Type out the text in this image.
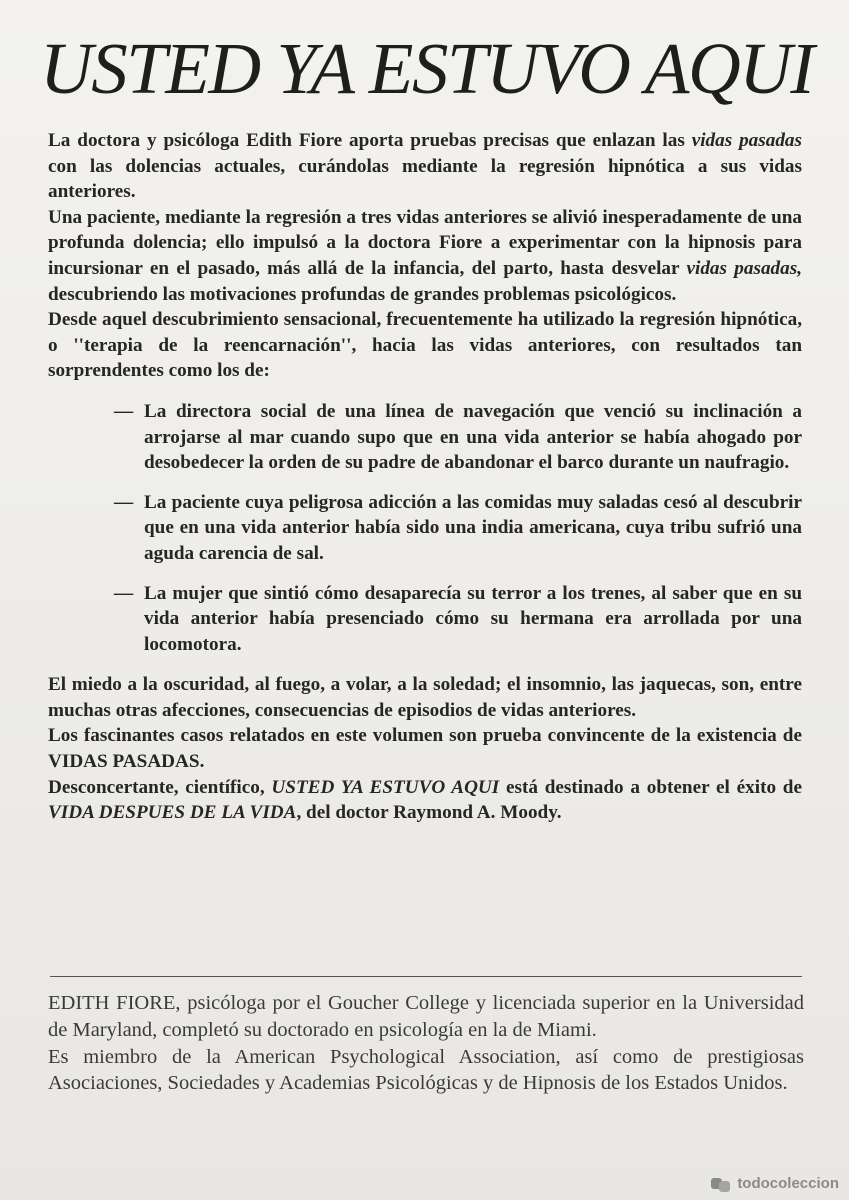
USTED YA ESTUVO AQUI

La doctora y psicóloga Edith Fiore aporta pruebas precisas que enlazan las vidas pasadas con las dolencias actuales, curándolas mediante la regresión hipnótica a sus vidas anteriores.

Una paciente, mediante la regresión a tres vidas anteriores se alivió inesperadamente de una profunda dolencia; ello impulsó a la doctora Fiore a experimentar con la hipnosis para incursionar en el pasado, más allá de la infancia, del parto, hasta desvelar vidas pasadas, descubriendo las motivaciones profundas de grandes problemas psicológicos.

Desde aquel descubrimiento sensacional, frecuentemente ha utilizado la regresión hipnótica, o ''terapia de la reencarnación'', hacia las vidas anteriores, con resultados tan sorprendentes como los de:

— La directora social de una línea de navegación que venció su inclinación a arrojarse al mar cuando supo que en una vida anterior se había ahogado por desobedecer la orden de su padre de abandonar el barco durante un naufragio.
— La paciente cuya peligrosa adicción a las comidas muy saladas cesó al descubrir que en una vida anterior había sido una india americana, cuya tribu sufrió una aguda carencia de sal.
— La mujer que sintió cómo desaparecía su terror a los trenes, al saber que en su vida anterior había presenciado cómo su hermana era arrollada por una locomotora.

El miedo a la oscuridad, al fuego, a volar, a la soledad; el insomnio, las jaquecas, son, entre muchas otras afecciones, consecuencias de episodios de vidas anteriores.

Los fascinantes casos relatados en este volumen son prueba convincente de la existencia de VIDAS PASADAS.

Desconcertante, científico, USTED YA ESTUVO AQUI está destinado a obtener el éxito de VIDA DESPUES DE LA VIDA, del doctor Raymond A. Moody.

EDITH FIORE, psicóloga por el Goucher College y licenciada superior en la Universidad de Maryland, completó su doctorado en psicología en la de Miami.

Es miembro de la American Psychological Association, así como de prestigiosas Asociaciones, Sociedades y Academias Psicológicas y de Hipnosis de los Estados Unidos.

todocoleccion
